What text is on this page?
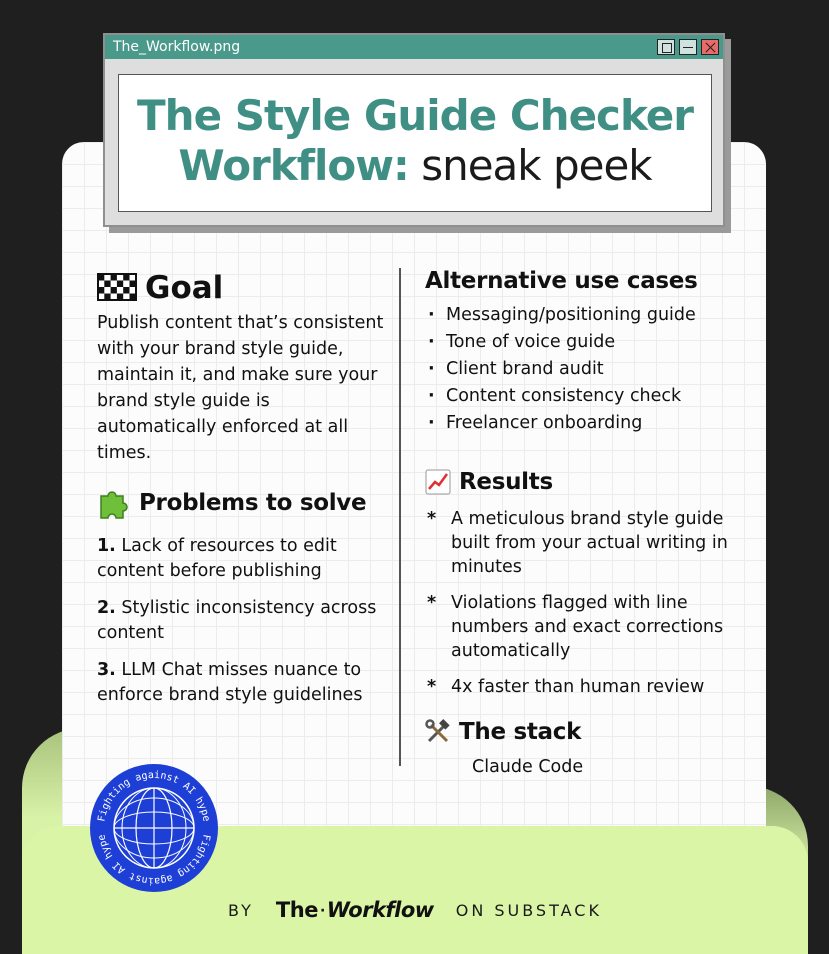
BY The ·Workflow ON SUBSTACK
The_Workflow.png
The Style Guide Checker Workflow: sneak peek
Goal

Publish content that’s consistent with your brand style guide, maintain it, and make sure your brand style guide is automatically enforced at all times.

Problems to solve

1. Lack of resources to edit content before publishing

2. Stylistic inconsistency across content

3. LLM Chat misses nuance to enforce brand style guidelines

Alternative use cases
· Messaging/positioning guide
· Tone of voice guide
· Client brand audit
· Content consistency check
· Freelancer onboarding
Results
* A meticulous brand style guide built from your actual writing in minutes
* Violations flagged with line numbers and exact corrections automatically
* 4x faster than human review
The stack
Claude Code
Fighting against AI hype
Fighting against AI hype
